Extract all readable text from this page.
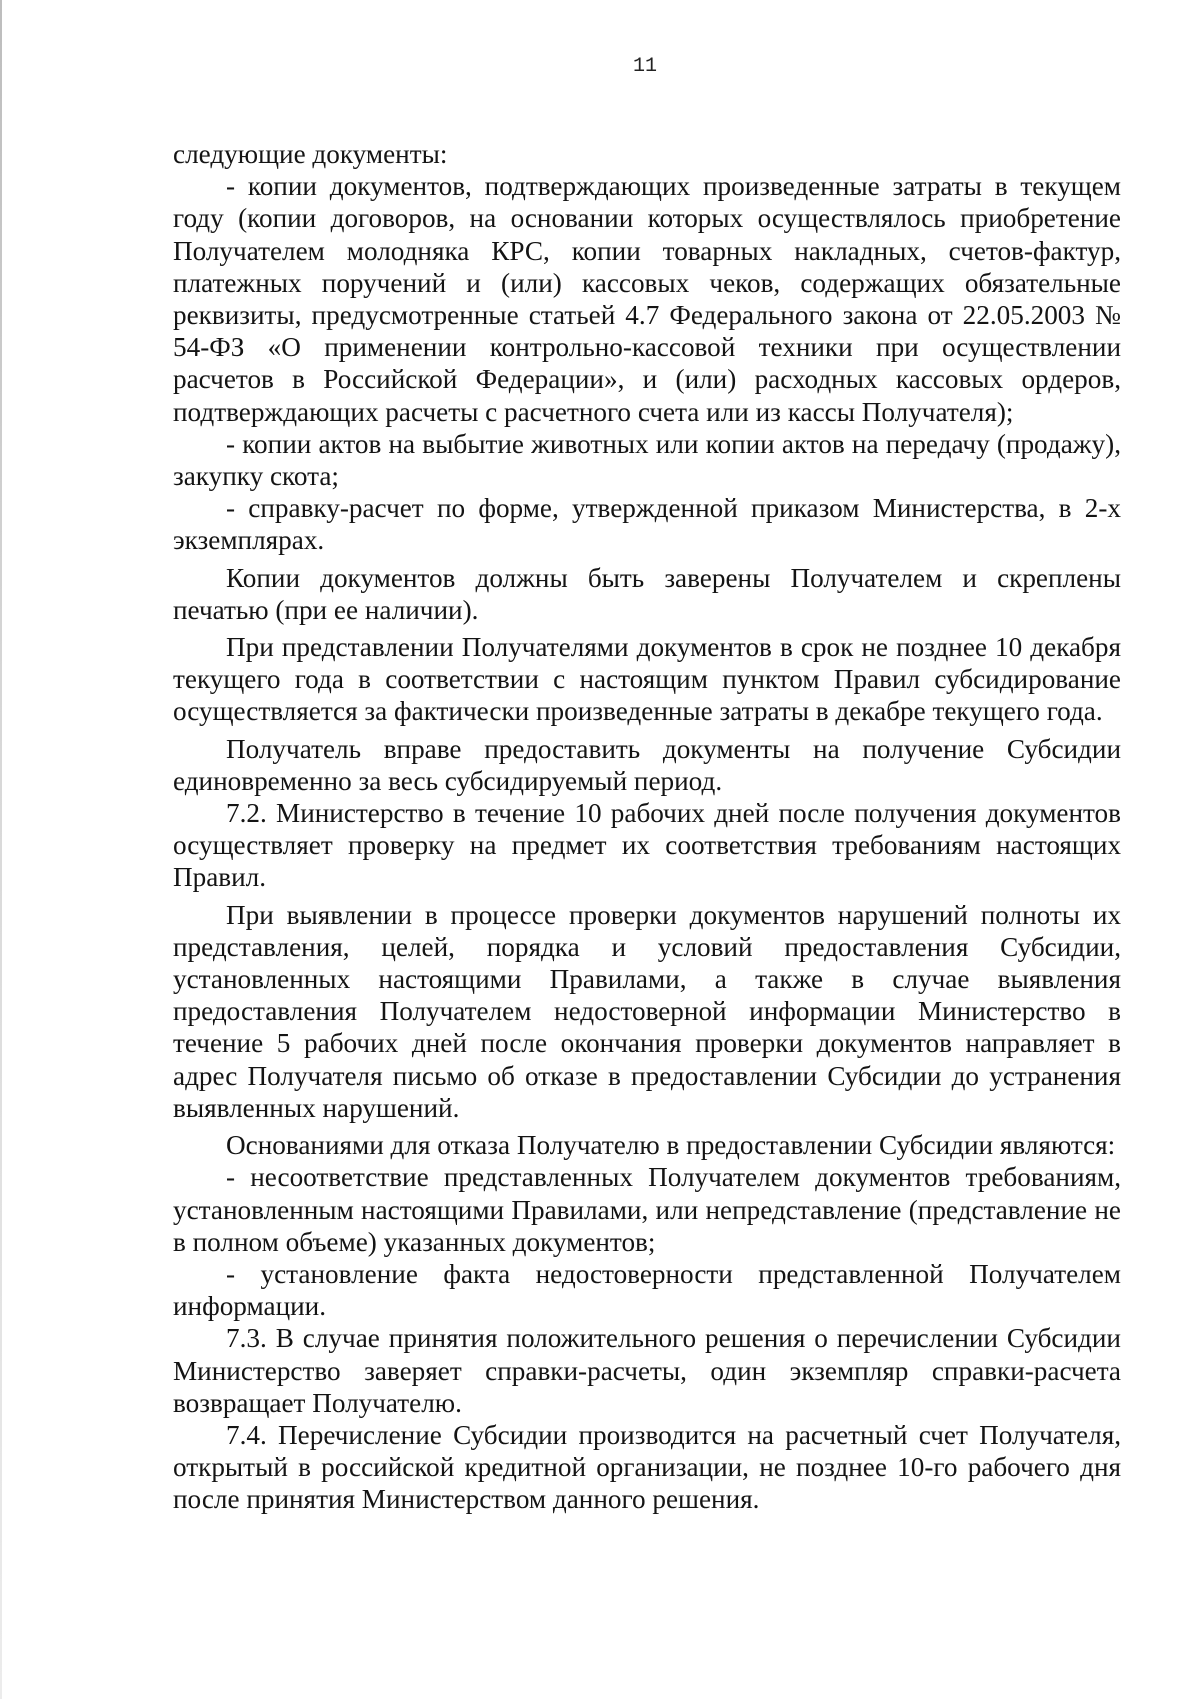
11

следующие документы:

- копии документов, подтверждающих произведенные затраты в текущем году (копии договоров, на основании которых осуществлялось приобретение Получателем молодняка КРС, копии товарных накладных, счетов-фактур, платежных поручений и (или) кассовых чеков, содержащих обязательные реквизиты, предусмотренные статьей 4.7 Федерального закона от 22.05.2003 № 54-ФЗ «О применении контрольно-кассовой техники при осуществлении расчетов в Российской Федерации», и (или) расходных кассовых ордеров, подтверждающих расчеты с расчетного счета или из кассы Получателя);

- копии актов на выбытие животных или копии актов на передачу (продажу), закупку скота;

- справку-расчет по форме, утвержденной приказом Министерства, в 2-х экземплярах.

Копии документов должны быть заверены Получателем и скреплены печатью (при ее наличии).

При представлении Получателями документов в срок не позднее 10 декабря текущего года в соответствии с настоящим пунктом Правил субсидирование осуществляется за фактически произведенные затраты в декабре текущего года.

Получатель вправе предоставить документы на получение Субсидии единовременно за весь субсидируемый период.

7.2. Министерство в течение 10 рабочих дней после получения документов осуществляет проверку на предмет их соответствия требованиям настоящих Правил.

При выявлении в процессе проверки документов нарушений полноты их представления, целей, порядка и условий предоставления Субсидии, установленных настоящими Правилами, а также в случае выявления предоставления Получателем недостоверной информации Министерство в течение 5 рабочих дней после окончания проверки документов направляет в адрес Получателя письмо об отказе в предоставлении Субсидии до устранения выявленных нарушений.

Основаниями для отказа Получателю в предоставлении Субсидии являются:

- несоответствие представленных Получателем документов требованиям, установленным настоящими Правилами, или непредставление (представление не в полном объеме) указанных документов;

- установление факта недостоверности представленной Получателем информации.

7.3. В случае принятия положительного решения о перечислении Субсидии Министерство заверяет справки-расчеты, один экземпляр справки-расчета возвращает Получателю.

7.4. Перечисление Субсидии производится на расчетный счет Получателя, открытый в российской кредитной организации, не позднее 10-го рабочего дня после принятия Министерством данного решения.
